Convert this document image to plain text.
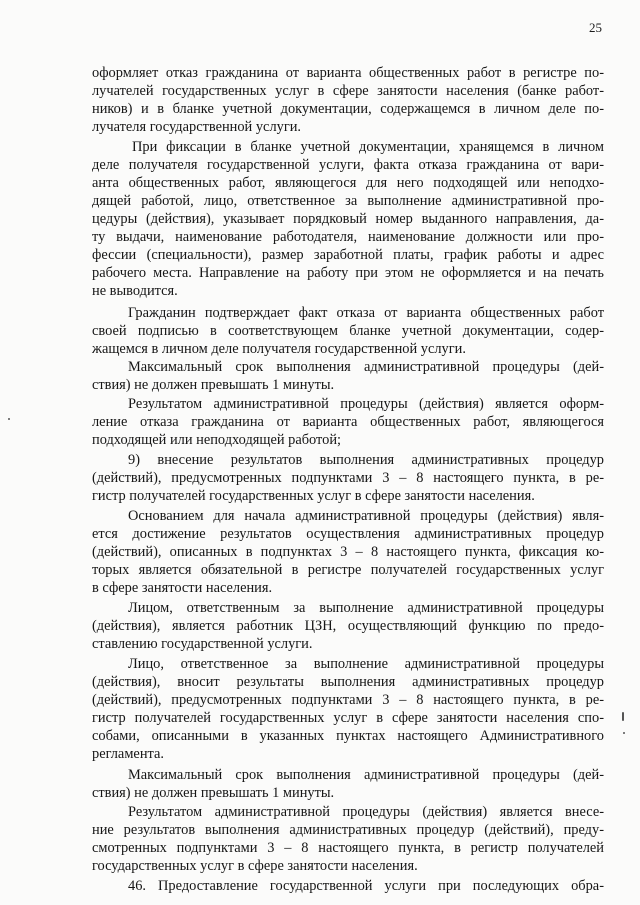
25
оформляет отказ гражданина от варианта общественных работ в регистре по-
лучателей государственных услуг в сфере занятости населения (банке работ-
ников) и в бланке учетной документации, содержащемся в личном деле по-
лучателя государственной услуги.
При фиксации в бланке учетной документации, хранящемся в личном
деле получателя государственной услуги, факта отказа гражданина от вари-
анта общественных работ, являющегося для него подходящей или неподхо-
дящей работой, лицо, ответственное за выполнение административной про-
цедуры (действия), указывает порядковый номер выданного направления, да-
ту выдачи, наименование работодателя, наименование должности или про-
фессии (специальности), размер заработной платы, график работы и адрес
рабочего места. Направление на работу при этом не оформляется и на печать
не выводится.
Гражданин подтверждает факт отказа от варианта общественных работ
своей подписью в соответствующем бланке учетной документации, содер-
жащемся в личном деле получателя государственной услуги.
Максимальный срок выполнения административной процедуры (дей-
ствия) не должен превышать 1 минуты.
Результатом административной процедуры (действия) является оформ-
ление отказа гражданина от варианта общественных работ, являющегося
подходящей или неподходящей работой;
9) внесение результатов выполнения административных процедур
(действий), предусмотренных подпунктами 3 – 8 настоящего пункта, в ре-
гистр получателей государственных услуг в сфере занятости населения.
Основанием для начала административной процедуры (действия) явля-
ется достижение результатов осуществления административных процедур
(действий), описанных в подпунктах 3 – 8 настоящего пункта, фиксация ко-
торых является обязательной в регистре получателей государственных услуг
в сфере занятости населения.
Лицом, ответственным за выполнение административной процедуры
(действия), является работник ЦЗН, осуществляющий функцию по предо-
ставлению государственной услуги.
Лицо, ответственное за выполнение административной процедуры
(действия), вносит результаты выполнения административных процедур
(действий), предусмотренных подпунктами 3 – 8 настоящего пункта, в ре-
гистр получателей государственных услуг в сфере занятости населения спо-
собами, описанными в указанных пунктах настоящего Административного
регламента.
Максимальный срок выполнения административной процедуры (дей-
ствия) не должен превышать 1 минуты.
Результатом административной процедуры (действия) является внесе-
ние результатов выполнения административных процедур (действий), преду-
смотренных подпунктами 3 – 8 настоящего пункта, в регистр получателей
государственных услуг в сфере занятости населения.
46. Предоставление государственной услуги при последующих обра-
